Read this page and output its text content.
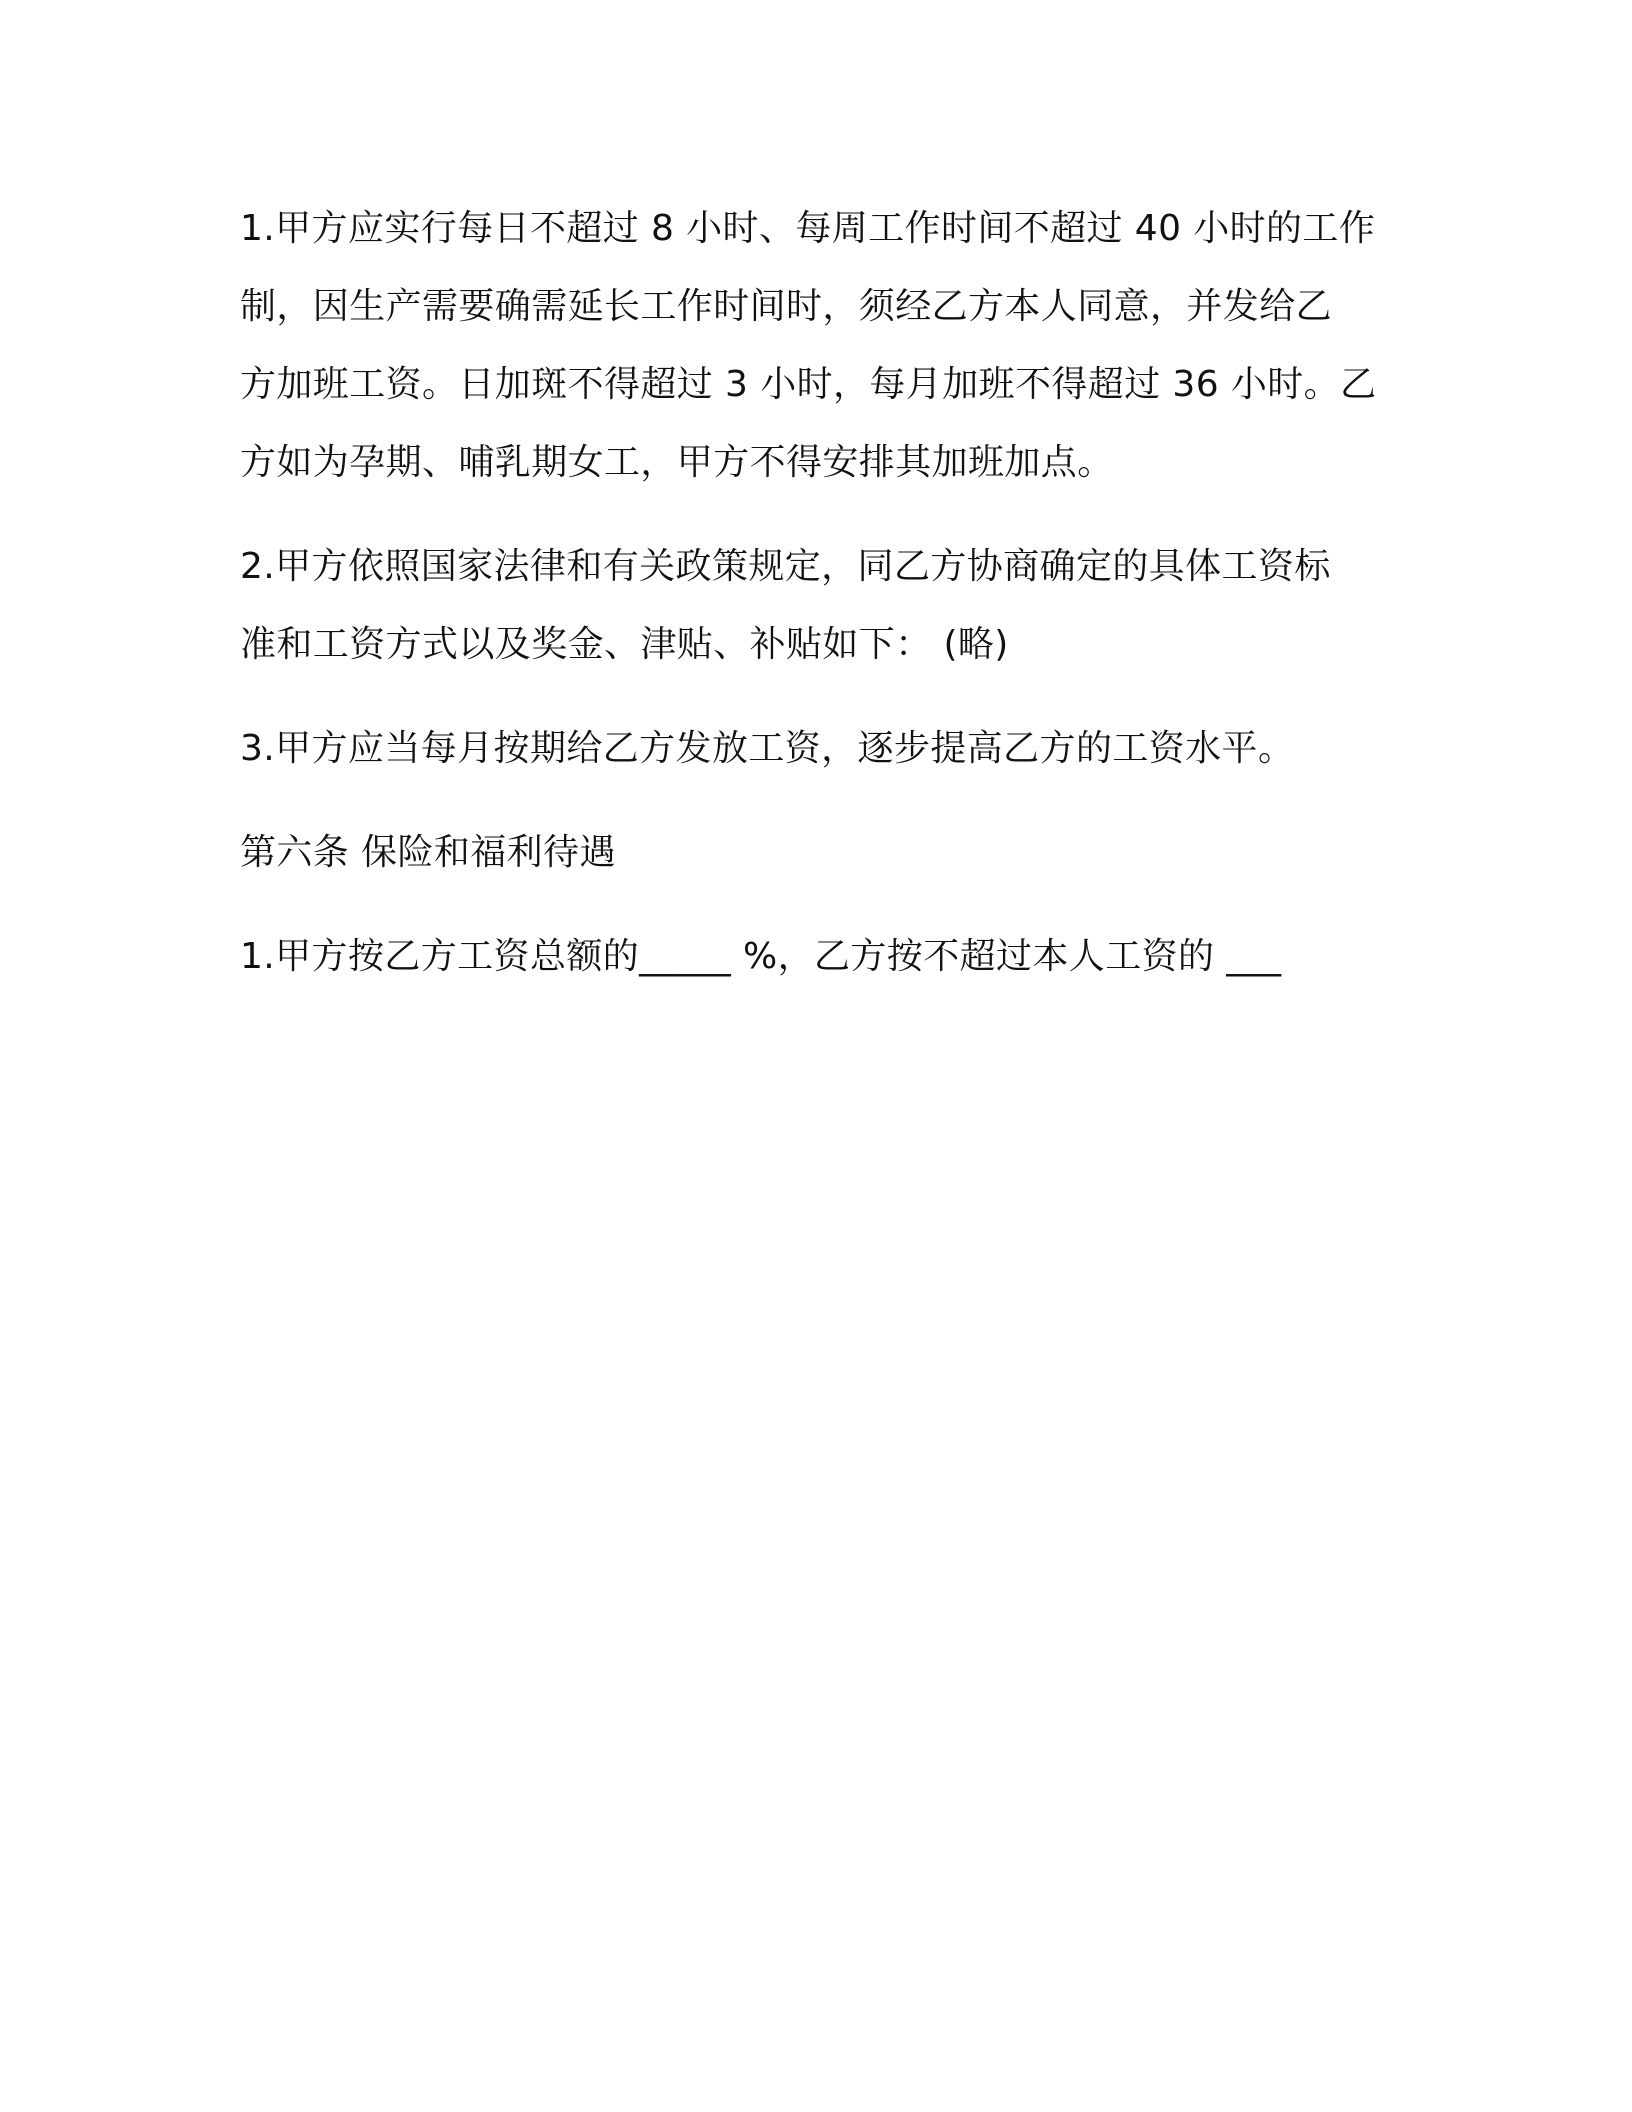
1.甲方应实行每日不超过 8 小时、每周工作时间不超过 40 小时的工作
制，因生产需要确需延长工作时间时，须经乙方本人同意，并发给乙
方加班工资。日加斑不得超过 3 小时，每月加班不得超过 36 小时。乙
方如为孕期、哺乳期女工，甲方不得安排其加班加点。

2.甲方依照国家法律和有关政策规定，同乙方协商确定的具体工资标
准和工资方式以及奖金、津贴、补贴如下： (略)

3.甲方应当每月按期给乙方发放工资，逐步提高乙方的工资水平。

第六条 保险和福利待遇

1.甲方按乙方工资总额的_____ %，乙方按不超过本人工资的 ___
